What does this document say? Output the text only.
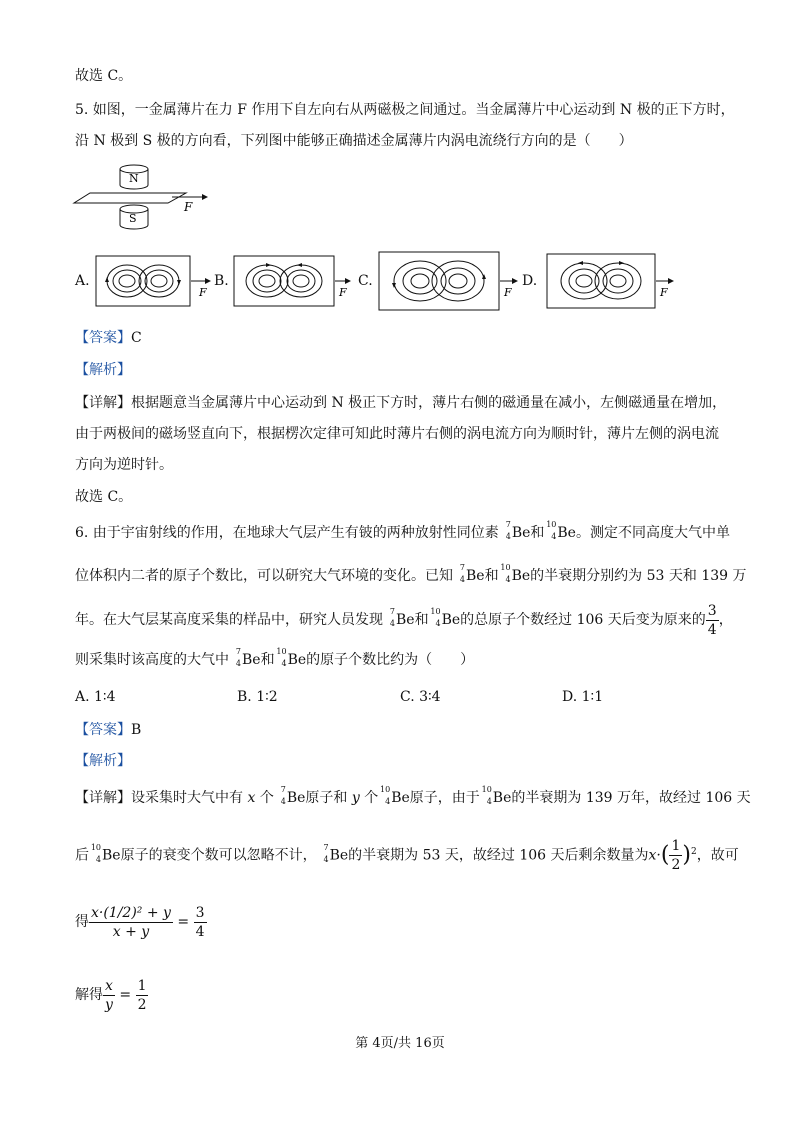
故选 C。
5. 如图，一金属薄片在力 F 作用下自左向右从两磁极之间通过。当金属薄片中心运动到 N 极的正下方时，
沿 N 极到 S 极的方向看，下列图中能够正确描述金属薄片内涡电流绕行方向的是（　　）
N
F
S
A.
F
B.
F
C.
F
D.
F
【答案】C
【解析】
【详解】根据题意当金属薄片中心运动到 N 极正下方时，薄片右侧的磁通量在减小，左侧磁通量在增加，
由于两极间的磁场竖直向下，根据楞次定律可知此时薄片右侧的涡电流方向为顺时针，薄片左侧的涡电流
方向为逆时针。
故选 C。
6. 由于宇宙射线的作用，在地球大气层产生有铍的两种放射性同位素
7
4 Be和
10
4 Be。测定不同高度大气中单
位体积内二者的原子个数比，可以研究大气环境的变化。已知
7
4 Be和
10
4 Be的半衰期分别约为 53 天和 139 万
年。在大气层某高度采集的样品中，研究人员发现
7
4 Be和
10
4 Be的总原子个数经过 106 天后变为原来的 $\frac{3}{4}$ ，
则采集时该高度的大气中
7
4 Be和
10
4 Be的原子个数比约为（　　）
A. 1∶4	B. 1∶2	C. 3∶4	D. 1∶1
【答案】B
【解析】
【详解】设采集时大气中有 x 个
7
4 Be原子和 y 个
10
4 Be原子，由于
10
4 Be的半衰期为 139 万年，故经过 106 天
后
10
4 Be原子的衰变个数可以忽略不计，
7
4 Be的半衰期为 53 天，故经过 106 天后剩余数量为$x\cdot( \frac{1}{2} )^2$，故可
得 $\frac{\text{x·(1/2)² + y}}{x + y} = \frac{3}{4}$
解得 $\frac{x}{y} = \frac{1}{2}$
第 4页/共 16页
